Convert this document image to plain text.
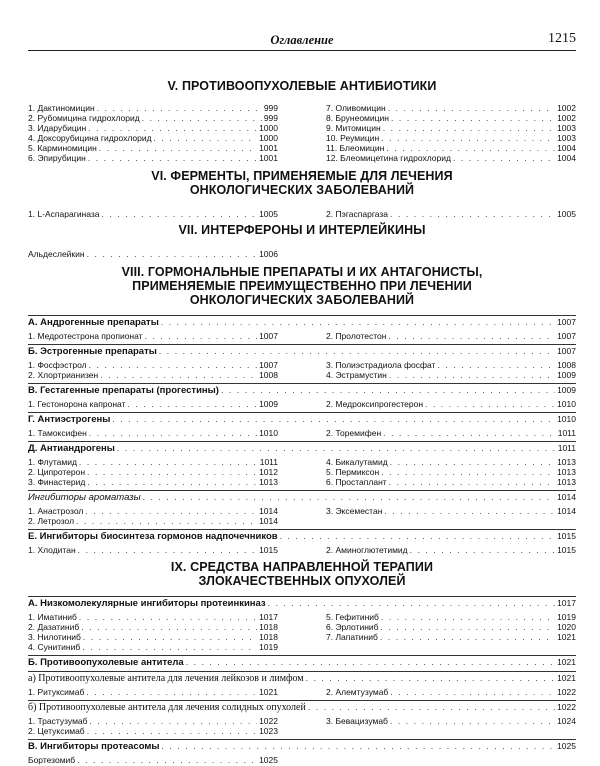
Оглавление	1215
V. ПРОТИВООПУХОЛЕВЫЕ АНТИБИОТИКИ
1. Дактиномицин . . .	999
2. Рубомицина гидрохлорид . . .	999
3. Идарубицин . . .	1000
4. Доксорубицина гидрохлорид . . .	1000
5. Карминомицин . . .	1001
6. Эпирубицин . . .	1001
7. Оливомицин . . .	1002
8. Брунеомицин . . .	1002
9. Митомицин . . .	1003
10. Реумицин . . .	1003
11. Блеомицин . . .	1004
12. Блеомицетина гидрохлорид . . .	1004
VI. ФЕРМЕНТЫ, ПРИМЕНЯЕМЫЕ ДЛЯ ЛЕЧЕНИЯ
ОНКОЛОГИЧЕСКИХ ЗАБОЛЕВАНИЙ
1. L-Аспарагиназа . . .	1005	2. Пэгаспаргаза . . .	1005
VII. ИНТЕРФЕРОНЫ И ИНТЕРЛЕЙКИНЫ
Альдеслейкин . . .	1006
VIII. ГОРМОНАЛЬНЫЕ ПРЕПАРАТЫ И ИХ АНТАГОНИСТЫ,
ПРИМЕНЯЕМЫЕ ПРЕИМУЩЕСТВЕННО ПРИ ЛЕЧЕНИИ
ОНКОЛОГИЧЕСКИХ ЗАБОЛЕВАНИЙ
А. Андрогенные препараты . . .	1007
1. Медротестрона пропионат . . .	1007	2. Пролотестон . . .	1007
Б. Эстрогенные препараты . . .	1007
1. Фосфэстрол . . .	1007
2. Хлортрианизен . . .	1008
3. Полиэстрадиола фосфат . . .	1008
4. Эстрамустин . . .	1009
В. Гестагенные препараты (прогестины) . . .	1009
1. Гестонорона капронат . . .	1009	2. Медроксипрогестерон . . .	1010
Г. Антиэстрогены . . .	1010
1. Тамоксифен . . .	1010	2. Торемифен . . .	1011
Д. Антиандрогены . . .	1011
1. Флутамид . . .	1011
2. Ципротерон . . .	1012
3. Финастерид . . .	1013
4. Бикалутамид . . .	1013
5. Пермиксон . . .	1013
6. Простаплант . . .	1013
Ингибиторы ароматазы . . .	1014
1. Анастрозол . . .	1014
2. Летрозол . . .	1014
3. Эксеместан . . .	1014
Е. Ингибиторы биосинтеза гормонов надпочечников . . .	1015
1. Хлодитан . . .	1015	2. Аминоглютетимид . . .	1015
IX. СРЕДСТВА НАПРАВЛЕННОЙ ТЕРАПИИ
ЗЛОКАЧЕСТВЕННЫХ ОПУХОЛЕЙ
А. Низкомолекулярные ингибиторы протеинкиназ . . .	1017
1. Иматиниб . . .	1017
2. Дазатиниб . . .	1018
3. Нилотиниб . . .	1018
4. Сунитиниб . . .	1019
5. Гефитиниб . . .	1019
6. Эрлотиниб . . .	1020
7. Лапатиниб . . .	1021
Б. Противоопухолевые антитела . . .	1021
а) Противоопухолевые антитела для лечения лейкозов и лимфом . . .	1021
1. Ритуксимаб . . .	1021	2. Алемтузумаб . . .	1022
б) Противоопухолевые антитела для лечения солидных опухолей . . .	1022
1. Трастузумаб . . .	1022
2. Цетуксимаб . . .	1023
3. Бевацизумаб . . .	1024
В. Ингибиторы протеасомы . . .	1025
Бортезомиб . . .	1025
